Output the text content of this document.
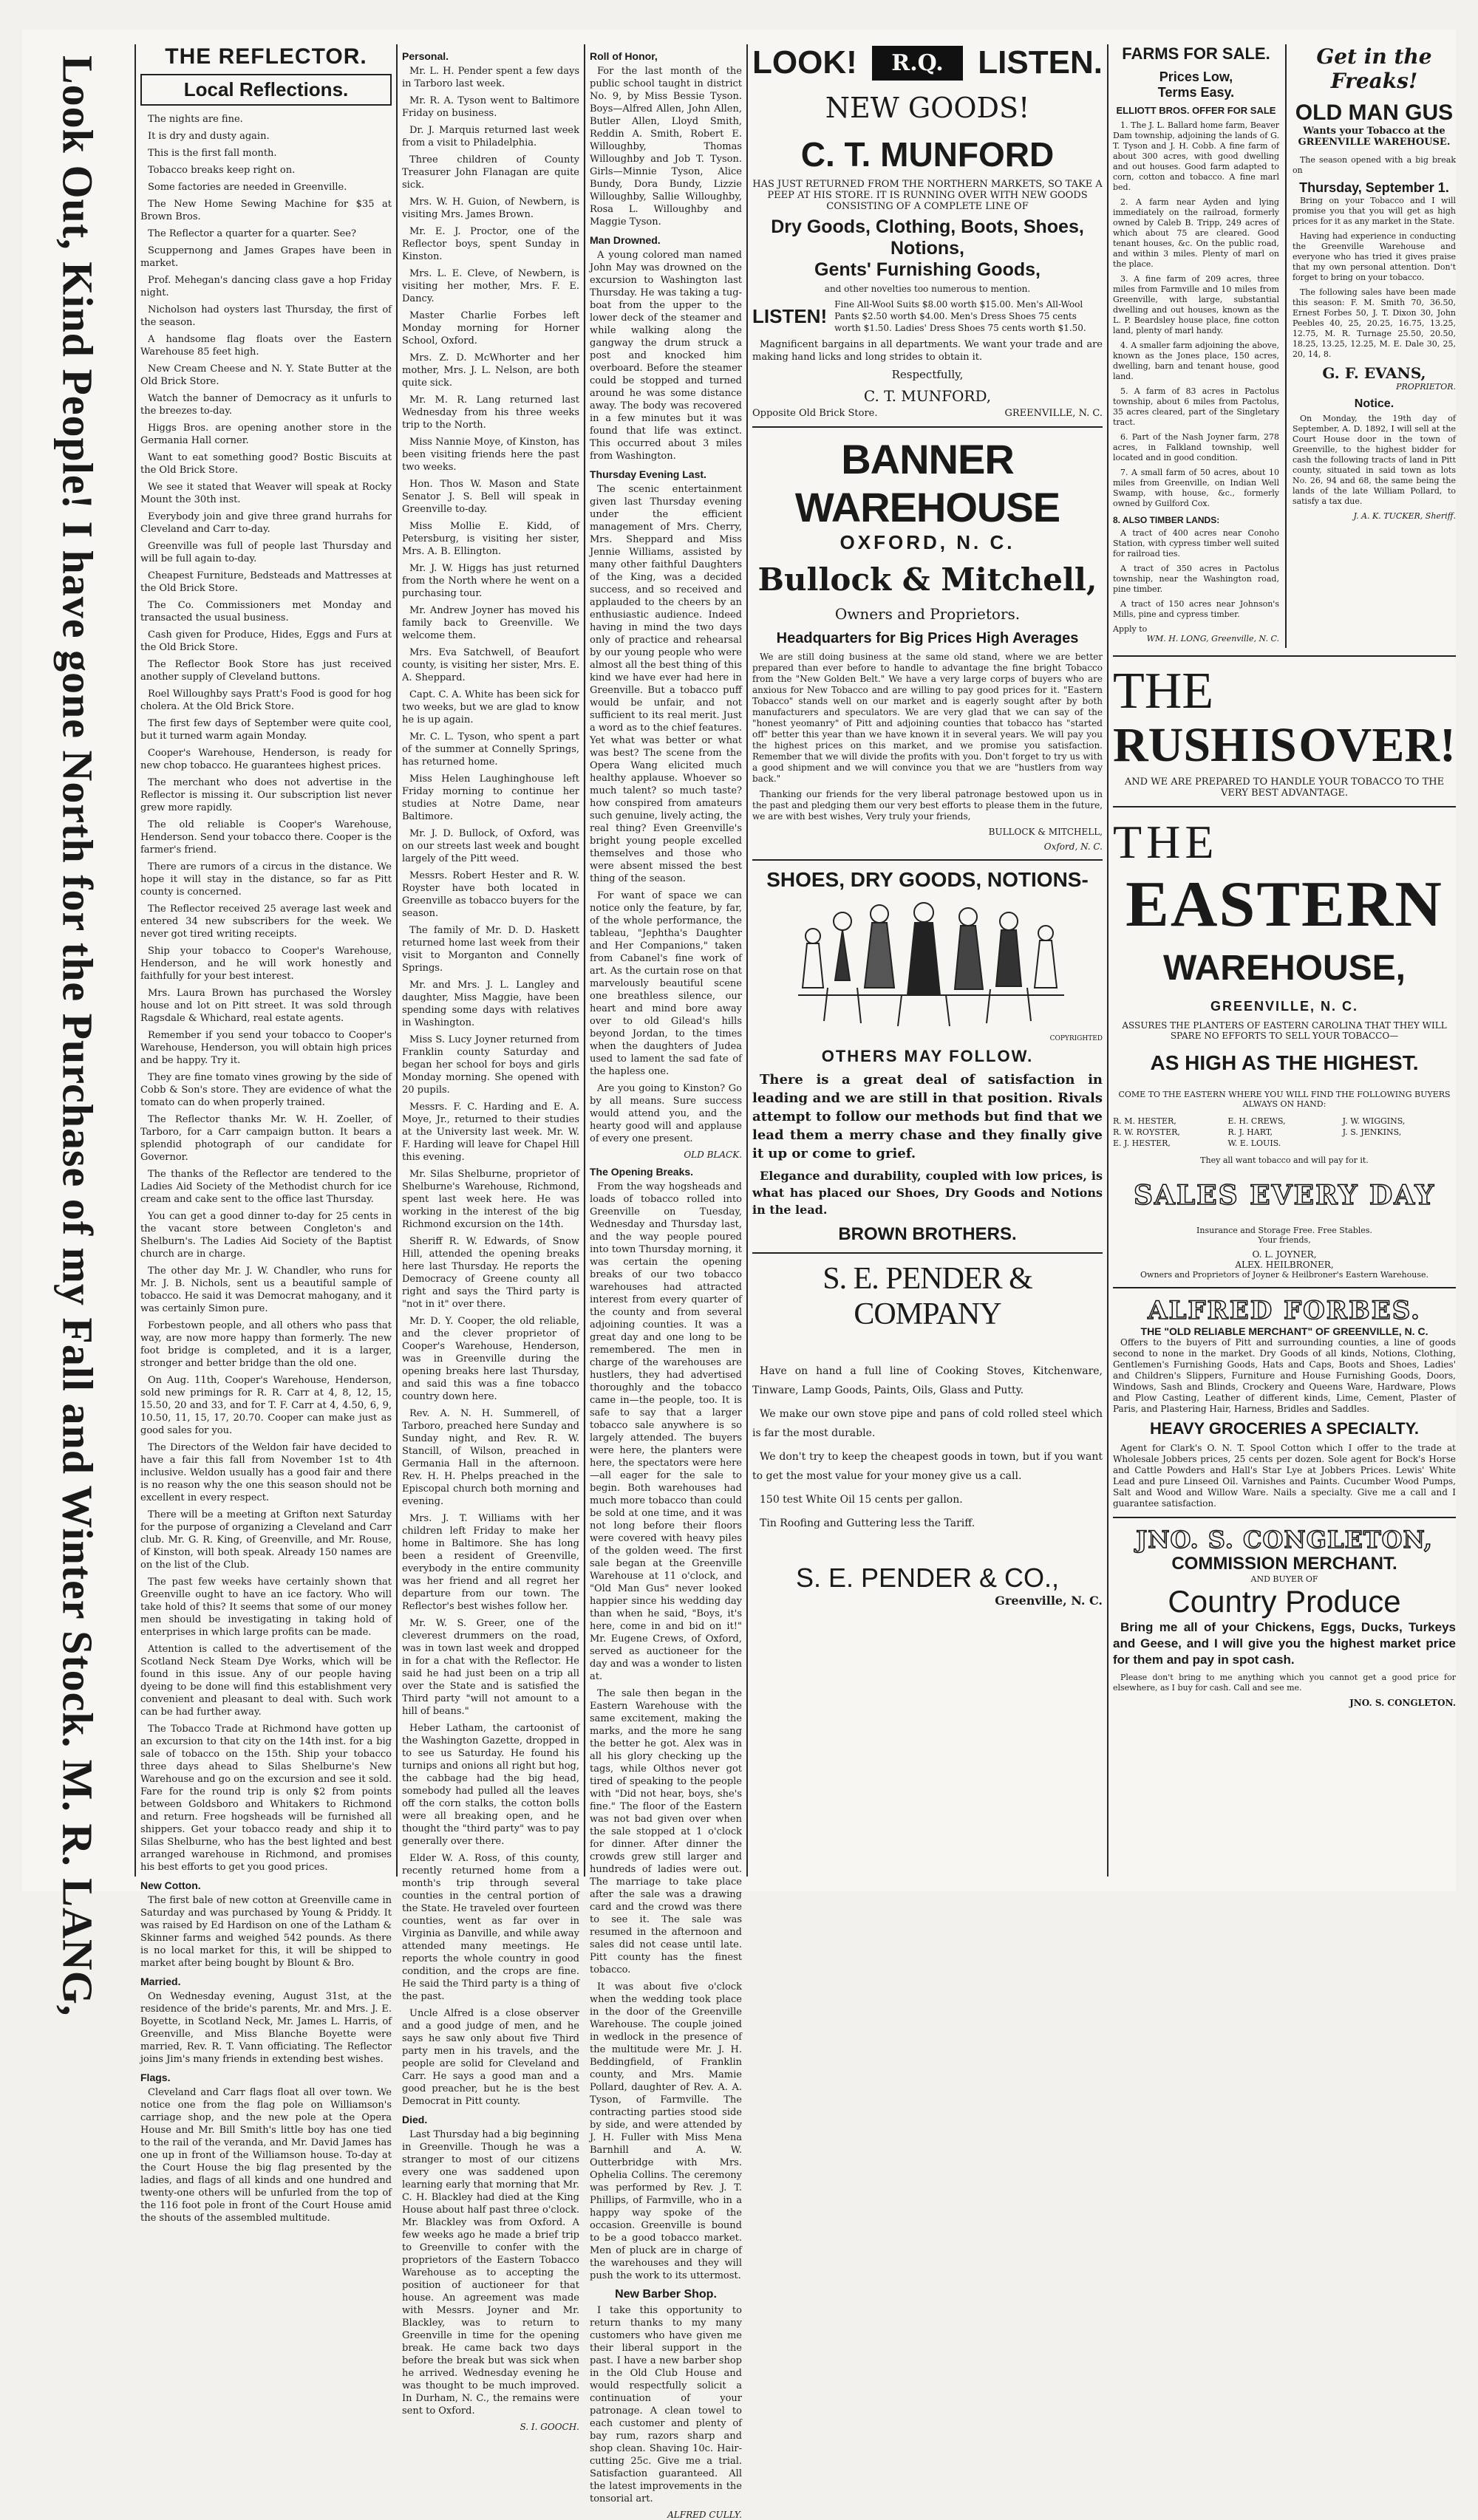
Look Out, Kind People! I have gone North for the Purchase of my Fall and Winter Stock. M. R. LANG,	THE REFLECTOR.
Local Reflections.
The nights are fine.
It is dry and dusty again.
This is the first fall month.
Tobacco breaks keep right on.
Some factories are needed in Greenville.
The New Home Sewing Machine for $35 at Brown Bros.
The Reflector a quarter for a quarter. See?
Scuppernong and James Grapes have been in market.
Prof. Mehegan's dancing class gave a hop Friday night.
Nicholson had oysters last Thursday, the first of the season.
A handsome flag floats over the Eastern Warehouse 85 feet high.
New Cream Cheese and N. Y. State Butter at the Old Brick Store.
Watch the banner of Democracy as it unfurls to the breezes to-day.
Higgs Bros. are opening another store in the Germania Hall corner.
Want to eat something good? Bostic Biscuits at the Old Brick Store.
We see it stated that Weaver will speak at Rocky Mount the 30th inst.
Everybody join and give three grand hurrahs for Cleveland and Carr to-day.
Greenville was full of people last Thursday and will be full again to-day.
Cheapest Furniture, Bedsteads and Mattresses at the Old Brick Store.
The Co. Commissioners met Monday and transacted the usual business.
Cash given for Produce, Hides, Eggs and Furs at the Old Brick Store.
The Reflector Book Store has just received another supply of Cleveland buttons.
Roel Willoughby says Pratt's Food is good for hog cholera. At the Old Brick Store.
The first few days of September were quite cool, but it turned warm again Monday.
Cooper's Warehouse, Henderson, is ready for new chop tobacco. He guarantees highest prices.
The merchant who does not advertise in the Reflector is missing it. Our subscription list never grew more rapidly.
The old reliable is Cooper's Warehouse, Henderson. Send your tobacco there. Cooper is the farmer's friend.
There are rumors of a circus in the distance. We hope it will stay in the distance, so far as Pitt county is concerned.
The Reflector received 25 average last week and entered 34 new subscribers for the week. We never got tired writing receipts.
Ship your tobacco to Cooper's Warehouse, Henderson, and he will work honestly and faithfully for your best interest.
Mrs. Laura Brown has purchased the Worsley house and lot on Pitt street. It was sold through Ragsdale & Whichard, real estate agents.
Remember if you send your tobacco to Cooper's Warehouse, Henderson, you will obtain high prices and be happy. Try it.
They are fine tomato vines growing by the side of Cobb & Son's store. They are evidence of what the tomato can do when properly trained.
The Reflector thanks Mr. W. H. Zoeller, of Tarboro, for a Carr campaign button. It bears a splendid photograph of our candidate for Governor.
The thanks of the Reflector are tendered to the Ladies Aid Society of the Methodist church for ice cream and cake sent to the office last Thursday.
You can get a good dinner to-day for 25 cents in the vacant store between Congleton's and Shelburn's. The Ladies Aid Society of the Baptist church are in charge.
The other day Mr. J. W. Chandler, who runs for Mr. J. B. Nichols, sent us a beautiful sample of tobacco. He said it was Democrat mahogany, and it was certainly Simon pure.
Forbestown people, and all others who pass that way, are now more happy than formerly. The new foot bridge is completed, and it is a larger, stronger and better bridge than the old one.
On Aug. 11th, Cooper's Warehouse, Henderson, sold new primings for R. R. Carr at 4, 8, 12, 15, 15.50, 20 and 33, and for T. F. Carr at 4, 4.50, 6, 9, 10.50, 11, 15, 17, 20.70. Cooper can make just as good sales for you.
The Directors of the Weldon fair have decided to have a fair this fall from November 1st to 4th inclusive. Weldon usually has a good fair and there is no reason why the one this season should not be excellent in every respect.
There will be a meeting at Grifton next Saturday for the purpose of organizing a Cleveland and Carr club. Mr. G. R. King, of Greenville, and Mr. Rouse, of Kinston, will both speak. Already 150 names are on the list of the Club.
The past few weeks have certainly shown that Greenville ought to have an ice factory. Who will take hold of this? It seems that some of our money men should be investigating in taking hold of enterprises in which large profits can be made.
Attention is called to the advertisement of the Scotland Neck Steam Dye Works, which will be found in this issue. Any of our people having dyeing to be done will find this establishment very convenient and pleasant to deal with. Such work can be had further away.
The Tobacco Trade at Richmond have gotten up an excursion to that city on the 14th inst. for a big sale of tobacco on the 15th. Ship your tobacco three days ahead to Silas Shelburne's New Warehouse and go on the excursion and see it sold. Fare for the round trip is only $2 from points between Goldsboro and Whitakers to Richmond and return. Free hogsheads will be furnished all shippers. Get your tobacco ready and ship it to Silas Shelburne, who has the best lighted and best arranged warehouse in Richmond, and promises his best efforts to get you good prices.
New Cotton.
The first bale of new cotton at Greenville came in Saturday and was purchased by Young & Priddy. It was raised by Ed Hardison on one of the Latham & Skinner farms and weighed 542 pounds. As there is no local market for this, it will be shipped to market after being bought by Blount & Bro.
Married.
On Wednesday evening, August 31st, at the residence of the bride's parents, Mr. and Mrs. J. E. Boyette, in Scotland Neck, Mr. James L. Harris, of Greenville, and Miss Blanche Boyette were married, Rev. R. T. Vann officiating. The Reflector joins Jim's many friends in extending best wishes.
Flags.
Cleveland and Carr flags float all over town. We notice one from the flag pole on Williamson's carriage shop, and the new pole at the Opera House and Mr. Bill Smith's little boy has one tied to the rail of the veranda, and Mr. David James has one up in front of the Williamson house. To-day at the Court House the big flag presented by the ladies, and flags of all kinds and one hundred and twenty-one others will be unfurled from the top of the 116 foot pole in front of the Court House amid the shouts of the assembled multitude.
Personal.
Mr. L. H. Pender spent a few days in Tarboro last week.
Mr. R. A. Tyson went to Baltimore Friday on business.
Dr. J. Marquis returned last week from a visit to Philadelphia.
Three children of County Treasurer John Flanagan are quite sick.
Mrs. W. H. Guion, of Newbern, is visiting Mrs. James Brown.
Mr. E. J. Proctor, one of the Reflector boys, spent Sunday in Kinston.
Mrs. L. E. Cleve, of Newbern, is visiting her mother, Mrs. F. E. Dancy.
Master Charlie Forbes left Monday morning for Horner School, Oxford.
Mrs. Z. D. McWhorter and her mother, Mrs. J. L. Nelson, are both quite sick.
Mr. M. R. Lang returned last Wednesday from his three weeks trip to the North.
Miss Nannie Moye, of Kinston, has been visiting friends here the past two weeks.
Hon. Thos W. Mason and State Senator J. S. Bell will speak in Greenville to-day.
Miss Mollie E. Kidd, of Petersburg, is visiting her sister, Mrs. A. B. Ellington.
Mr. J. W. Higgs has just returned from the North where he went on a purchasing tour.
Mr. Andrew Joyner has moved his family back to Greenville. We welcome them.
Mrs. Eva Satchwell, of Beaufort county, is visiting her sister, Mrs. E. A. Sheppard.
Capt. C. A. White has been sick for two weeks, but we are glad to know he is up again.
Mr. C. L. Tyson, who spent a part of the summer at Connelly Springs, has returned home.
Miss Helen Laughinghouse left Friday morning to continue her studies at Notre Dame, near Baltimore.
Mr. J. D. Bullock, of Oxford, was on our streets last week and bought largely of the Pitt weed.
Messrs. Robert Hester and R. W. Royster have both located in Greenville as tobacco buyers for the season.
The family of Mr. D. D. Haskett returned home last week from their visit to Morganton and Connelly Springs.
Mr. and Mrs. J. L. Langley and daughter, Miss Maggie, have been spending some days with relatives in Washington.
Miss S. Lucy Joyner returned from Franklin county Saturday and began her school for boys and girls Monday morning. She opened with 20 pupils.
Messrs. F. C. Harding and E. A. Moye, Jr., returned to their studies at the University last week. Mr. W. F. Harding will leave for Chapel Hill this evening.
Mr. Silas Shelburne, proprietor of Shelburne's Warehouse, Richmond, spent last week here. He was working in the interest of the big Richmond excursion on the 14th.
Sheriff R. W. Edwards, of Snow Hill, attended the opening breaks here last Thursday. He reports the Democracy of Greene county all right and says the Third party is "not in it" over there.
Mr. D. Y. Cooper, the old reliable, and the clever proprietor of Cooper's Warehouse, Henderson, was in Greenville during the opening breaks here last Thursday, and said this was a fine tobacco country down here.
Rev. A. N. H. Summerell, of Tarboro, preached here Sunday and Sunday night, and Rev. R. W. Stancill, of Wilson, preached in Germania Hall in the afternoon. Rev. H. H. Phelps preached in the Episcopal church both morning and evening.
Mrs. J. T. Williams with her children left Friday to make her home in Baltimore. She has long been a resident of Greenville, everybody in the entire community was her friend and all regret her departure from our town. The Reflector's best wishes follow her.
Mr. W. S. Greer, one of the cleverest drummers on the road, was in town last week and dropped in for a chat with the Reflector. He said he had just been on a trip all over the State and is satisfied the Third party "will not amount to a hill of beans."
Heber Latham, the cartoonist of the Washington Gazette, dropped in to see us Saturday. He found his turnips and onions all right but hog, the cabbage had the big head, somebody had pulled all the leaves off the corn stalks, the cotton bolls were all breaking open, and he thought the "third party" was to pay generally over there.
Elder W. A. Ross, of this county, recently returned home from a month's trip through several counties in the central portion of the State. He traveled over fourteen counties, went as far over in Virginia as Danville, and while away attended many meetings. He reports the whole country in good condition, and the crops are fine. He said the Third party is a thing of the past.
Uncle Alfred is a close observer and a good judge of men, and he says he saw only about five Third party men in his travels, and the people are solid for Cleveland and Carr. He says a good man and a good preacher, but he is the best Democrat in Pitt county.
Died.
Last Thursday had a big beginning in Greenville. Though he was a stranger to most of our citizens every one was saddened upon learning early that morning that Mr. C. H. Blackley had died at the King House about half past three o'clock. Mr. Blackley was from Oxford. A few weeks ago he made a brief trip to Greenville to confer with the proprietors of the Eastern Tobacco Warehouse as to accepting the position of auctioneer for that house. An agreement was made with Messrs. Joyner and Mr. Blackley, was to return to Greenville in time for the opening break. He came back two days before the break but was sick when he arrived. Wednesday evening he was thought to be much improved. In Durham, N. C., the remains were sent to Oxford.
S. I. GOOCH.
Roll of Honor,
For the last month of the public school taught in district No. 9, by Miss Bessie Tyson. Boys—Alfred Allen, John Allen, Butler Allen, Lloyd Smith, Reddin A. Smith, Robert E. Willoughby, Thomas Willoughby and Job T. Tyson. Girls—Minnie Tyson, Alice Bundy, Dora Bundy, Lizzie Willoughby, Sallie Willoughby, Rosa L. Willoughby and Maggie Tyson.
Man Drowned.
A young colored man named John May was drowned on the excursion to Washington last Thursday. He was taking a tug-boat from the upper to the lower deck of the steamer and while walking along the gangway the drum struck a post and knocked him overboard. Before the steamer could be stopped and turned around he was some distance away. The body was recovered in a few minutes but it was found that life was extinct. This occurred about 3 miles from Washington.
Thursday Evening Last.
The scenic entertainment given last Thursday evening under the efficient management of Mrs. Cherry, Mrs. Sheppard and Miss Jennie Williams, assisted by many other faithful Daughters of the King, was a decided success, and so received and applauded to the cheers by an enthusiastic audience. Indeed having in mind the two days only of practice and rehearsal by our young people who were almost all the best thing of this kind we have ever had here in Greenville. But a tobacco puff would be unfair, and not sufficient to its real merit. Just a word as to the chief features. Yet what was better or what was best? The scene from the Opera Wang elicited much healthy applause. Whoever so much talent? so much taste? how conspired from amateurs such genuine, lively acting, the real thing? Even Greenville's bright young people excelled themselves and those who were absent missed the best thing of the season.
For want of space we can notice only the feature, by far, of the whole performance, the tableau, "Jephtha's Daughter and Her Companions," taken from Cabanel's fine work of art. As the curtain rose on that marvelously beautiful scene one breathless silence, our heart and mind bore away over to old Gilead's hills beyond Jordan, to the times when the daughters of Judea used to lament the sad fate of the hapless one.
Are you going to Kinston? Go by all means. Sure success would attend you, and the hearty good will and applause of every one present.
OLD BLACK.
The Opening Breaks.
From the way hogsheads and loads of tobacco rolled into Greenville on Tuesday, Wednesday and Thursday last, and the way people poured into town Thursday morning, it was certain the opening breaks of our two tobacco warehouses had attracted interest from every quarter of the county and from several adjoining counties. It was a great day and one long to be remembered. The men in charge of the warehouses are hustlers, they had advertised thoroughly and the tobacco came in—the people, too. It is safe to say that a larger tobacco sale anywhere is so largely attended. The buyers were here, the planters were here, the spectators were here—all eager for the sale to begin. Both warehouses had much more tobacco than could be sold at one time, and it was not long before their floors were covered with heavy piles of the golden weed. The first sale began at the Greenville Warehouse at 11 o'clock, and "Old Man Gus" never looked happier since his wedding day than when he said, "Boys, it's here, come in and bid on it!" Mr. Eugene Crews, of Oxford, served as auctioneer for the day and was a wonder to listen at.
The sale then began in the Eastern Warehouse with the same excitement, making the marks, and the more he sang the better he got. Alex was in all his glory checking up the tags, while Olthos never got tired of speaking to the people with "Did not hear, boys, she's fine." The floor of the Eastern was not bad given over when the sale stopped at 1 o'clock for dinner. After dinner the crowds grew still larger and hundreds of ladies were out. The marriage to take place after the sale was a drawing card and the crowd was there to see it. The sale was resumed in the afternoon and sales did not cease until late. Pitt county has the finest tobacco.
It was about five o'clock when the wedding took place in the door of the Greenville Warehouse. The couple joined in wedlock in the presence of the multitude were Mr. J. H. Beddingfield, of Franklin county, and Mrs. Mamie Pollard, daughter of Rev. A. A. Tyson, of Farmville. The contracting parties stood side by side, and were attended by J. H. Fuller with Miss Mena Barnhill and A. W. Outterbridge with Mrs. Ophelia Collins. The ceremony was performed by Rev. J. T. Phillips, of Farmville, who in a happy way spoke of the occasion. Greenville is bound to be a good tobacco market. Men of pluck are in charge of the warehouses and they will push the work to its uttermost.
New Barber Shop.
I take this opportunity to return thanks to my many customers who have given me their liberal support in the past. I have a new barber shop in the Old Club House and would respectfully solicit a continuation of your patronage. A clean towel to each customer and plenty of bay rum, razors sharp and shop clean. Shaving 10c. Hair-cutting 25c. Give me a trial. Satisfaction guaranteed. All the latest improvements in the tonsorial art.
ALFRED CULLY.
LOOK!	R.Q.	LISTEN.
NEW GOODS!
C. T. MUNFORD
HAS JUST RETURNED FROM THE NORTHERN MARKETS, SO TAKE A PEEP AT HIS STORE. IT IS RUNNING OVER WITH NEW GOODS CONSISTING OF A COMPLETE LINE OF
Dry Goods, Clothing, Boots, Shoes, Notions,
Gents' Furnishing Goods,
and other novelties too numerous to mention.
LISTEN!
Fine All-Wool Suits $8.00 worth $15.00. Men's All-Wool Pants $2.50 worth $4.00. Men's Dress Shoes 75 cents worth $1.50. Ladies' Dress Shoes 75 cents worth $1.50.
Magnificent bargains in all departments. We want your trade and are making hand licks and long strides to obtain it.
Respectfully,
C. T. MUNFORD,
Opposite Old Brick Store.	GREENVILLE, N. C.
BANNER WAREHOUSE
OXFORD, N. C.
Bullock & Mitchell,
Owners and Proprietors.
Headquarters for Big Prices High Averages
We are still doing business at the same old stand, where we are better prepared than ever before to handle to advantage the fine bright Tobacco from the "New Golden Belt." We have a very large corps of buyers who are anxious for New Tobacco and are willing to pay good prices for it. "Eastern Tobacco" stands well on our market and is eagerly sought after by both manufacturers and speculators. We are very glad that we can say of the "honest yeomanry" of Pitt and adjoining counties that tobacco has "started off" better this year than we have known it in several years. We will pay you the highest prices on this market, and we promise you satisfaction. Remember that we will divide the profits with you. Don't forget to try us with a good shipment and we will convince you that we are "hustlers from way back."
Thanking our friends for the very liberal patronage bestowed upon us in the past and pledging them our very best efforts to please them in the future, we are with best wishes, Very truly your friends,
BULLOCK & MITCHELL,
Oxford, N. C.
SHOES, DRY GOODS, NOTIONS-
COPYRIGHTED
OTHERS MAY FOLLOW.
There is a great deal of satisfaction in leading and we are still in that position. Rivals attempt to follow our methods but find that we lead them a merry chase and they finally give it up or come to grief.
Elegance and durability, coupled with low prices, is what has placed our Shoes, Dry Goods and Notions in the lead.
BROWN BROTHERS.
S. E. PENDER & COMPANY
Have on hand a full line of Cooking Stoves, Kitchenware, Tinware, Lamp Goods, Paints, Oils, Glass and Putty.
We make our own stove pipe and pans of cold rolled steel which is far the most durable.
We don't try to keep the cheapest goods in town, but if you want to get the most value for your money give us a call.
150 test White Oil 15 cents per gallon.
Tin Roofing and Guttering less the Tariff.
S. E. PENDER & CO.,
Greenville, N. C.
FARMS FOR SALE.
Prices Low,
Terms Easy.
ELLIOTT BROS. OFFER FOR SALE
1. The J. L. Ballard home farm, Beaver Dam township, adjoining the lands of G. T. Tyson and J. H. Cobb. A fine farm of about 300 acres, with good dwelling and out houses. Good farm adapted to corn, cotton and tobacco. A fine marl bed.
2. A farm near Ayden and lying immediately on the railroad, formerly owned by Caleb B. Tripp, 249 acres of which about 75 are cleared. Good tenant houses, &c. On the public road, and within 3 miles. Plenty of marl on the place.
3. A fine farm of 209 acres, three miles from Farmville and 10 miles from Greenville, with large, substantial dwelling and out houses, known as the L. P. Beardsley house place, fine cotton land, plenty of marl handy.
4. A smaller farm adjoining the above, known as the Jones place, 150 acres, dwelling, barn and tenant house, good land.
5. A farm of 83 acres in Pactolus township, about 6 miles from Pactolus, 35 acres cleared, part of the Singletary tract.
6. Part of the Nash Joyner farm, 278 acres, in Falkland township, well located and in good condition.
7. A small farm of 50 acres, about 10 miles from Greenville, on Indian Well Swamp, with house, &c., formerly owned by Guilford Cox.
8. ALSO TIMBER LANDS:
A tract of 400 acres near Conoho Station, with cypress timber well suited for railroad ties.
A tract of 350 acres in Pactolus township, near the Washington road, pine timber.
A tract of 150 acres near Johnson's Mills, pine and cypress timber.
Apply to
WM. H. LONG, Greenville, N. C.
Get in the Freaks!
OLD MAN GUS
Wants your Tobacco at the GREENVILLE WAREHOUSE.
The season opened with a big break on
Thursday, September 1.
Bring on your Tobacco and I will promise you that you will get as high prices for it as any market in the State.
Having had experience in conducting the Greenville Warehouse and everyone who has tried it gives praise that my own personal attention. Don't forget to bring on your tobacco.
The following sales have been made this season: F. M. Smith 70, 36.50, Ernest Forbes 50, J. T. Dixon 30, John Peebles 40, 25, 20.25, 16.75, 13.25, 12.75, M. R. Turnage 25.50, 20.50, 18.25, 13.25, 12.25, M. E. Dale 30, 25, 20, 14, 8.
G. F. EVANS,
PROPRIETOR.
Notice.
On Monday, the 19th day of September, A. D. 1892, I will sell at the Court House door in the town of Greenville, to the highest bidder for cash the following tracts of land in Pitt county, situated in said town as lots No. 26, 94 and 68, the same being the lands of the late William Pollard, to satisfy a tax due.
J. A. K. TUCKER, Sheriff.
THE
RUSH IS OVER!
AND WE ARE PREPARED TO HANDLE YOUR TOBACCO TO THE VERY BEST ADVANTAGE.
THE
EASTERN
WAREHOUSE,
GREENVILLE, N. C.
ASSURES THE PLANTERS OF EASTERN CAROLINA THAT THEY WILL SPARE NO EFFORTS TO SELL YOUR TOBACCO—
AS HIGH AS THE HIGHEST.
COME TO THE EASTERN WHERE YOU WILL FIND THE FOLLOWING BUYERS ALWAYS ON HAND:
R. M. HESTER,	E. H. CREWS,	J. W. WIGGINS,
R. W. ROYSTER,	R. J. HART,	J. S. JENKINS,
E. J. HESTER,	W. E. LOUIS.
They all want tobacco and will pay for it.
SALES EVERY DAY
Insurance and Storage Free. Free Stables.
Your friends,
O. L. JOYNER,
ALEX. HEILBRONER,
Owners and Proprietors of Joyner & Heilbroner's Eastern Warehouse.
ALFRED FORBES.
THE "OLD RELIABLE MERCHANT" OF GREENVILLE, N. C.
Offers to the buyers of Pitt and surrounding counties, a line of goods second to none in the market. Dry Goods of all kinds, Notions, Clothing, Gentlemen's Furnishing Goods, Hats and Caps, Boots and Shoes, Ladies' and Children's Slippers, Furniture and House Furnishing Goods, Doors, Windows, Sash and Blinds, Crockery and Queens Ware, Hardware, Plows and Plow Casting, Leather of different kinds, Lime, Cement, Plaster of Paris, and Plastering Hair, Harness, Bridles and Saddles.
HEAVY GROCERIES A SPECIALTY.
Agent for Clark's O. N. T. Spool Cotton which I offer to the trade at Wholesale Jobbers prices, 25 cents per dozen. Sole agent for Bock's Horse and Cattle Powders and Hall's Star Lye at Jobbers Prices. Lewis' White Lead and pure Linseed Oil. Varnishes and Paints. Cucumber Wood Pumps, Salt and Wood and Willow Ware. Nails a specialty. Give me a call and I guarantee satisfaction.
JNO. S. CONGLETON,
COMMISSION MERCHANT.
AND BUYER OF
Country Produce
Bring me all of your Chickens, Eggs, Ducks, Turkeys and Geese, and I will give you the highest market price for them and pay in spot cash.
Please don't bring to me anything which you cannot get a good price for elsewhere, as I buy for cash. Call and see me.
JNO. S. CONGLETON.
